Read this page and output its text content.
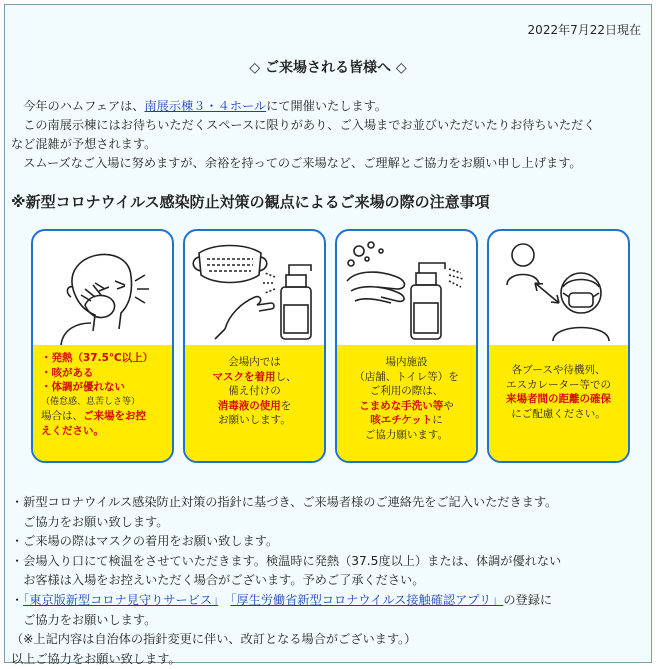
2022年7月22日現在
◇ ご来場される皆様へ ◇

今年のハムフェアは、南展示棟３・４ホールにて開催いたします。

この南展示棟にはお待ちいただくスペースに限りがあり、ご入場までお並びいただいたりお待ちいただく

など混雑が予想されます。

スムーズなご入場に努めますが、余裕を持ってのご来場など、ご理解とご協力をお願い申し上げます。

※新型コロナウイルス感染防止対策の観点によるご来場の際の注意事項
・発熱（37.5℃以上）
・咳がある
・体調が優れない
（倦怠感、息苦しさ等）
場合は、ご来場をお控
えください。
会場内では
マスクを着用し、
備え付けの
消毒液の使用を
お願いします。
場内施設
（店舗、トイレ等）を
ご利用の際は、
こまめな手洗い等や
咳エチケットに
ご協力願います。
各ブースや待機列、
エスカレーター等での
来場者間の距離の確保
にご配慮ください。

・新型コロナウイルス感染防止対策の指針に基づき、ご来場者様のご連絡先をご記入いただきます。

ご協力をお願い致します。

・ご来場の際はマスクの着用をお願い致します。

・会場入り口にて検温をさせていただきます。検温時に発熱（37.5度以上）または、体調が優れない

お客様は入場をお控えいただく場合がございます。予めご了承ください。

・「東京版新型コロナ見守りサービス」　 「厚生労働省新型コロナウイルス接触確認アプリ」の登録に

ご協力をお願いします。

（※上記内容は自治体の指針変更に伴い、改訂となる場合がございます。）

以上ご協力をお願い致します。
